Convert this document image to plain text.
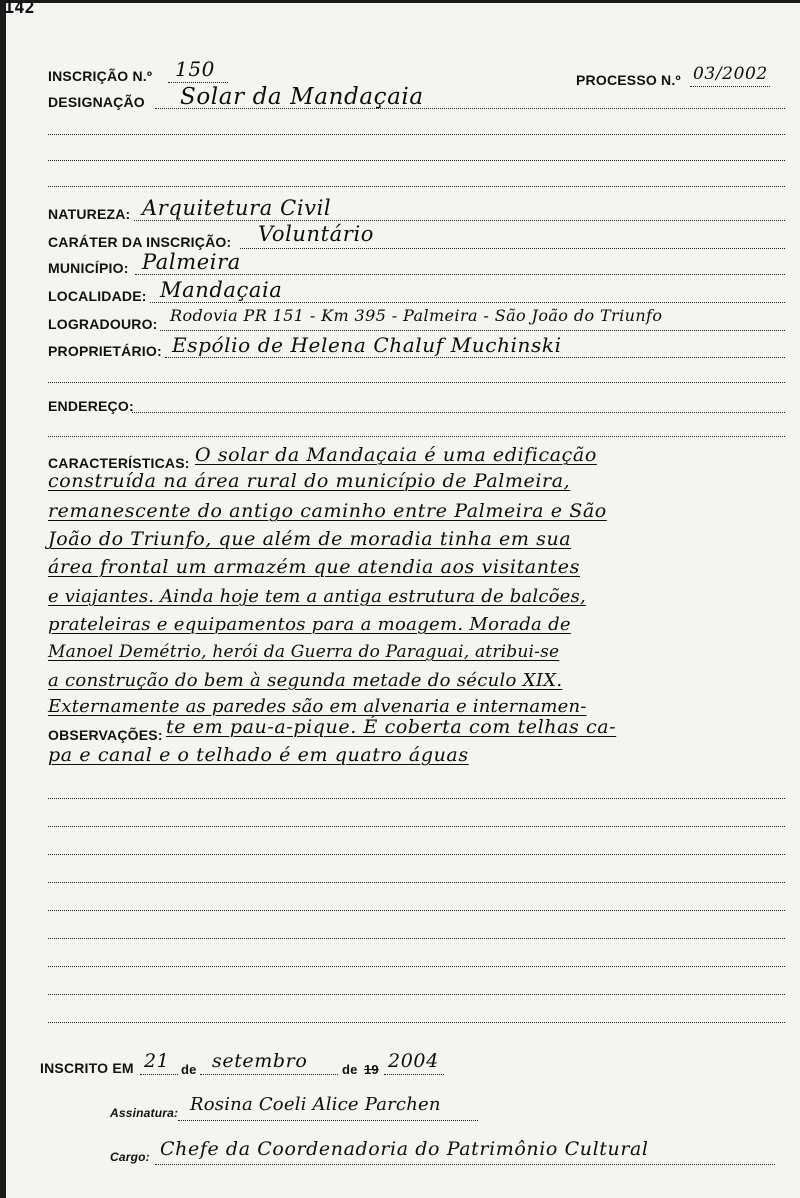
142
INSCRIÇÃO N.º 150	PROCESSO N.º 03/2002
DESIGNAÇÃO Solar da Mandaçaia
NATUREZA: Arquitetura Civil
CARÁTER DA INSCRIÇÃO: Voluntário
MUNICÍPIO: Palmeira
LOCALIDADE: Mandaçaia
LOGRADOURO: Rodovia PR 151 - Km 395 - Palmeira - São João do Triunfo
PROPRIETÁRIO: Espólio de Helena Chaluf Muchinski
ENDEREÇO:
CARACTERÍSTICAS: O solar da Mandaçaia é uma edificação
construída na área rural do município de Palmeira,
remanescente do antigo caminho entre Palmeira e São
João do Triunfo, que além de moradia tinha em sua
área frontal um armazém que atendia aos visitantes
e viajantes. Ainda hoje tem a antiga estrutura de balcões,
prateleiras e equipamentos para a moagem. Morada de
Manoel Demétrio, herói da Guerra do Paraguai, atribui-se
a construção do bem à segunda metade do século XIX.
Externamente as paredes são em alvenaria e internamen-
OBSERVAÇÕES: te em pau-a-pique. É coberta com telhas ca-
pa e canal e o telhado é em quatro águas
INSCRITO EM 21 de setembro	de 19 2004
Assinatura: Rosina Coeli Alice Parchen
Cargo: Chefe da Coordenadoria do Patrimônio Cultural
